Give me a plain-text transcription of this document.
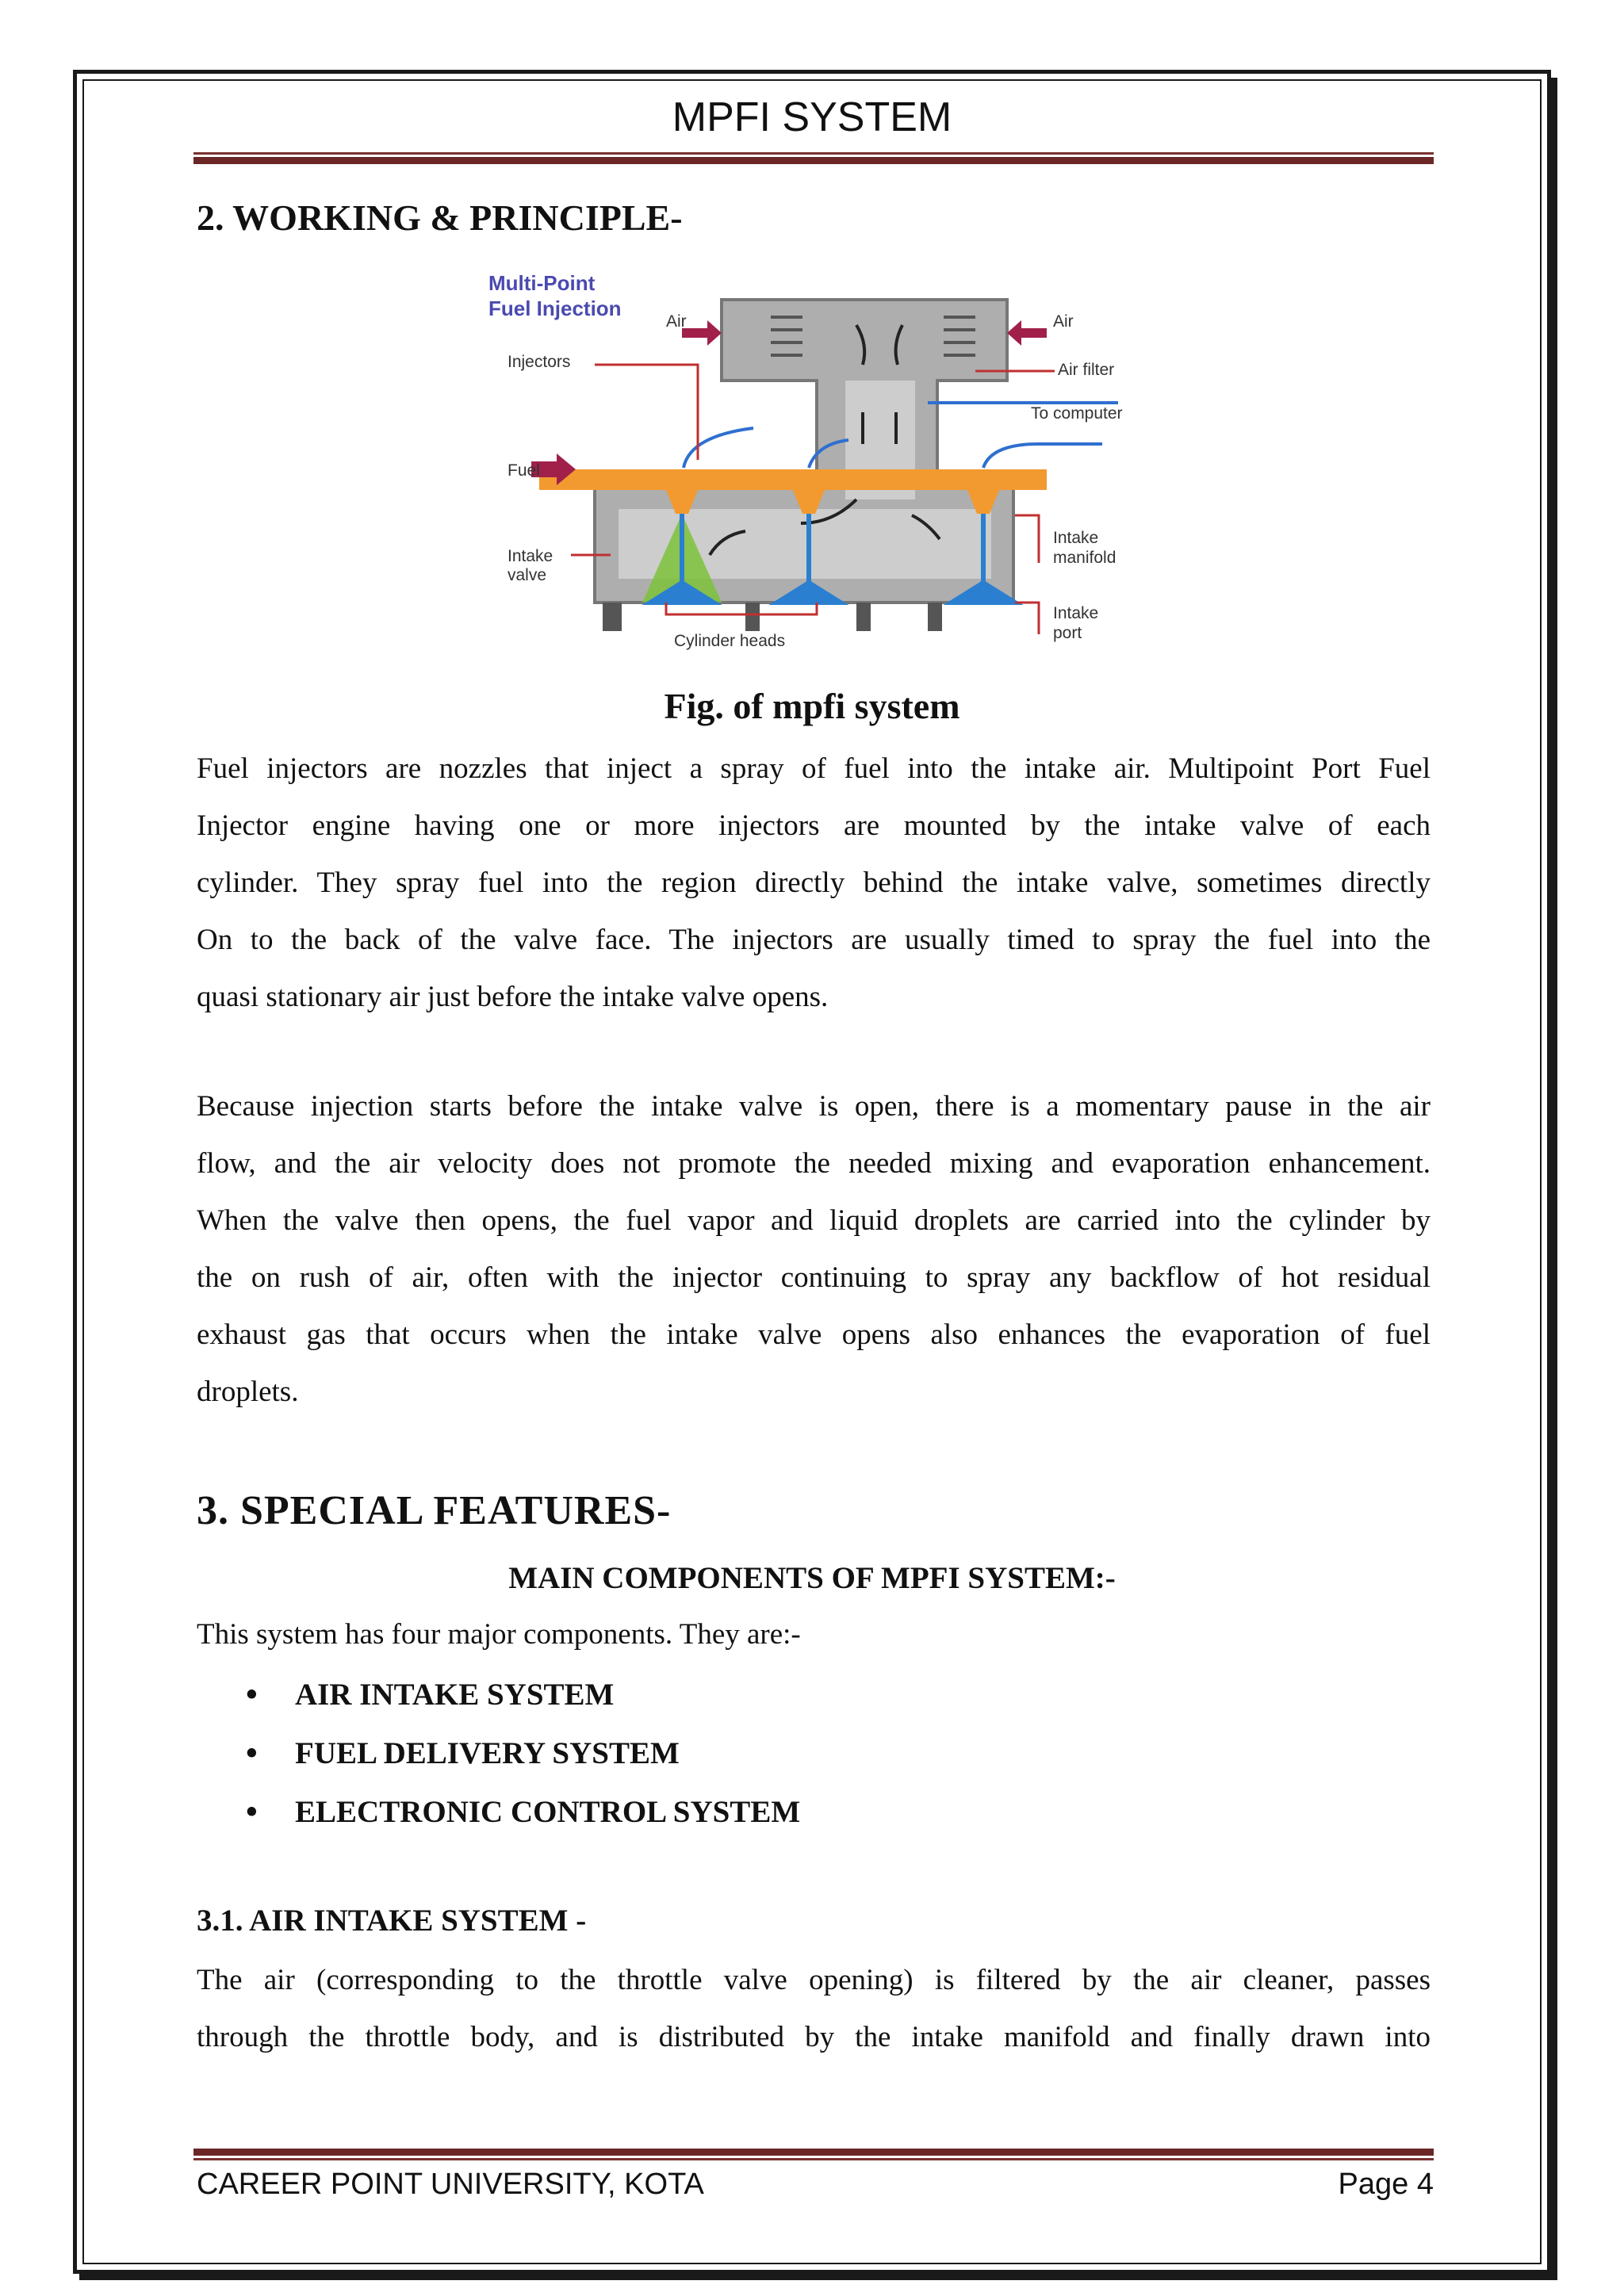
MPFI SYSTEM
2. WORKING & PRINCIPLE-
Multi-Point
Fuel Injection
Air	Air
Air filter
Injectors
To computer
Fuel
Intake
manifold
Intake
valve
Intake
port
Cylinder heads
Fig. of mpfi system
Fuel injectors are nozzles that inject a spray of fuel into the intake air. Multipoint Port Fuel
Injector engine having one or more injectors are mounted by the intake valve of each
cylinder. They spray fuel into the region directly behind the intake valve, sometimes directly
On to the back of the valve face. The injectors are usually timed to spray the fuel into the
quasi stationary air just before the intake valve opens.
Because injection starts before the intake valve is open, there is a momentary pause in the air
flow, and the air velocity does not promote the needed mixing and evaporation enhancement.
When the valve then opens, the fuel vapor and liquid droplets are carried into the cylinder by
the on rush of air, often with the injector continuing to spray any backflow of hot residual
exhaust gas that occurs when the intake valve opens also enhances the evaporation of fuel
droplets.
3. SPECIAL FEATURES-
MAIN COMPONENTS OF MPFI SYSTEM:-
This system has four major components. They are:-
• AIR INTAKE SYSTEM
• FUEL DELIVERY SYSTEM
• ELECTRONIC CONTROL SYSTEM
3.1. AIR INTAKE SYSTEM -
The air (corresponding to the throttle valve opening) is filtered by the air cleaner, passes
through the throttle body, and is distributed by the intake manifold and finally drawn into
CAREER POINT UNIVERSITY, KOTA	Page 4
